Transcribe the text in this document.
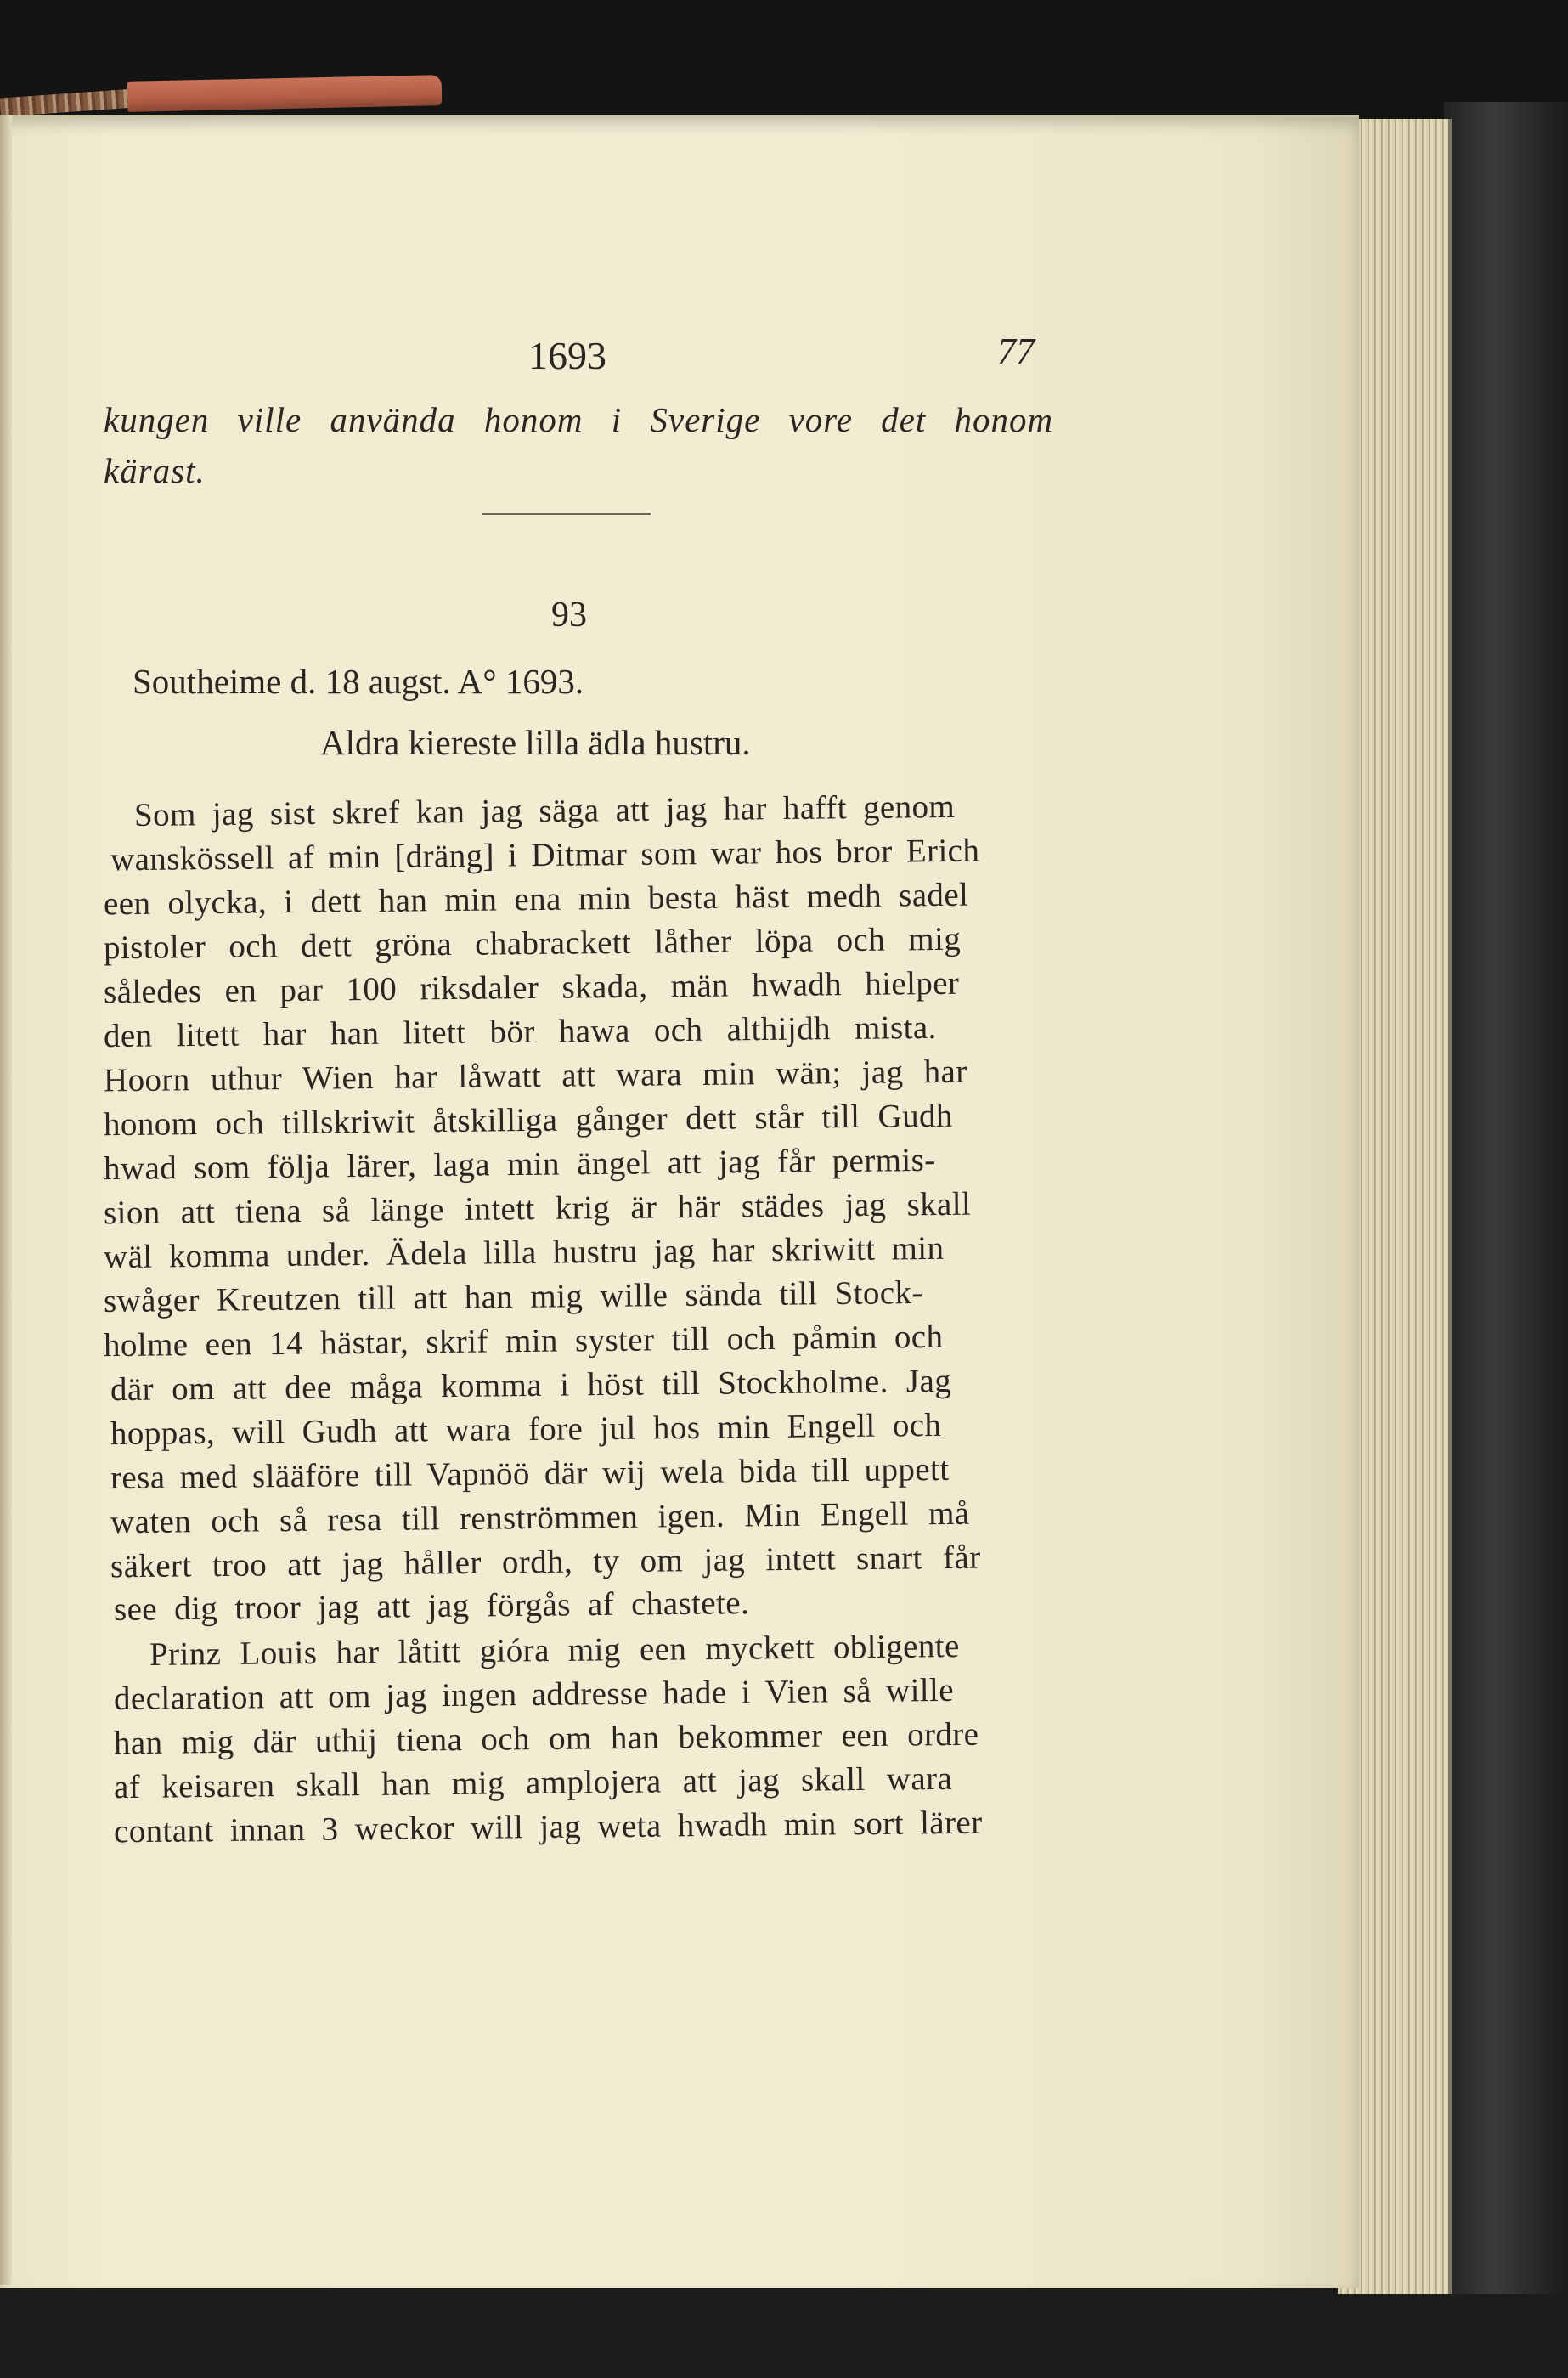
1693	77
kungen ville använda honom i Sverige vore det honom
kärast.
93
Southeime d. 18 augst. A° 1693.
Aldra kiereste lilla ädla hustru.
Som jag sist skref kan jag säga att jag har hafft genom
wanskössell af min [dräng] i Ditmar som war hos bror Erich
een olycka, i dett han min ena min besta häst medh sadel
pistoler och dett gröna chabrackett låther löpa och mig
således en par 100 riksdaler skada, män hwadh hielper
den litett har han litett bör hawa och althijdh mista.
Hoorn uthur Wien har låwatt att wara min wän; jag har
honom och tillskriwit åtskilliga gånger dett står till Gudh
hwad som följa lärer, laga min ängel att jag får permis-
sion att tiena så länge intett krig är här städes jag skall
wäl komma under. Ädela lilla hustru jag har skriwitt min
swåger Kreutzen till att han mig wille sända till Stock-
holme een 14 hästar, skrif min syster till och påmin och
där om att dee måga komma i höst till Stockholme. Jag
hoppas, will Gudh att wara fore jul hos min Engell och
resa med slääföre till Vapnöö där wij wela bida till uppett
waten och så resa till renströmmen igen. Min Engell må
säkert troo att jag håller ordh, ty om jag intett snart får
see dig troor jag att jag förgås af chastete.
Prinz Louis har låtitt gióra mig een myckett obligente
declaration att om jag ingen addresse hade i Vien så wille
han mig där uthij tiena och om han bekommer een ordre
af keisaren skall han mig amplojera att jag skall wara
contant innan 3 weckor will jag weta hwadh min sort lärer
